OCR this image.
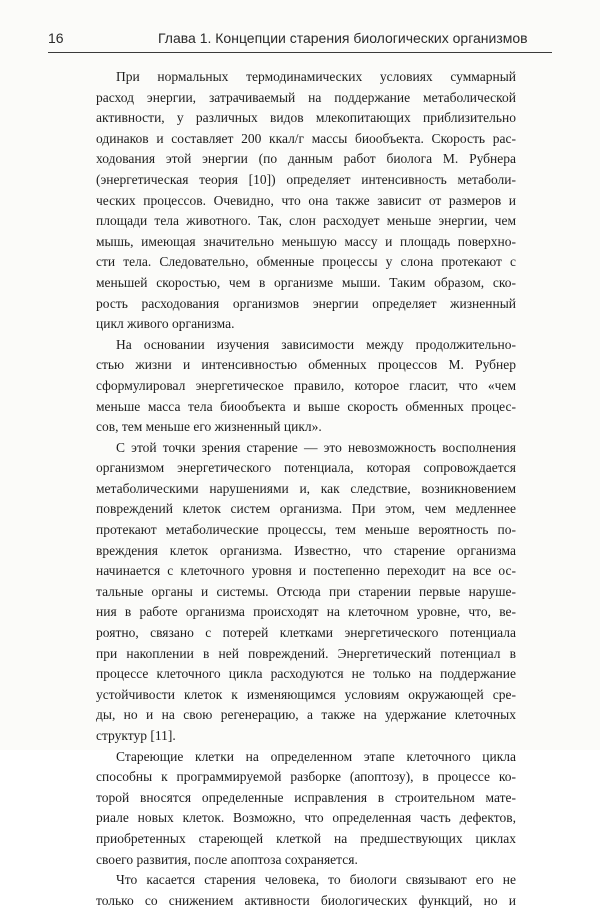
16	Глава 1. Концепции старения биологических организмов
При нормальных термодинамических условиях суммарный
расход энергии, затрачиваемый на поддержание метаболической
активности, у различных видов млекопитающих приблизительно
одинаков и составляет 200 ккал/г массы биообъекта. Скорость рас-
ходования этой энергии (по данным работ биолога М. Рубнера
(энергетическая теория [10]) определяет интенсивность метаболи-
ческих процессов. Очевидно, что она также зависит от размеров и
площади тела животного. Так, слон расходует меньше энергии, чем
мышь, имеющая значительно меньшую массу и площадь поверхно-
сти тела. Следовательно, обменные процессы у слона протекают с
меньшей скоростью, чем в организме мыши. Таким образом, ско-
рость расходования организмов энергии определяет жизненный
цикл живого организма.
На основании изучения зависимости между продолжительно-
стью жизни и интенсивностью обменных процессов М. Рубнер
сформулировал энергетическое правило, которое гласит, что «чем
меньше масса тела биообъекта и выше скорость обменных процес-
сов, тем меньше его жизненный цикл».
С этой точки зрения старение — это невозможность восполнения
организмом энергетического потенциала, которая сопровождается
метаболическими нарушениями и, как следствие, возникновением
повреждений клеток систем организма. При этом, чем медленнее
протекают метаболические процессы, тем меньше вероятность по-
вреждения клеток организма. Известно, что старение организма
начинается с клеточного уровня и постепенно переходит на все ос-
тальные органы и системы. Отсюда при старении первые наруше-
ния в работе организма происходят на клеточном уровне, что, ве-
роятно, связано с потерей клетками энергетического потенциала
при накоплении в ней повреждений. Энергетический потенциал в
процессе клеточного цикла расходуются не только на поддержание
устойчивости клеток к изменяющимся условиям окружающей сре-
ды, но и на свою регенерацию, а также на удержание клеточных
структур [11].
Стареющие клетки на определенном этапе клеточного цикла
способны к программируемой разборке (апоптозу), в процессе ко-
торой вносятся определенные исправления в строительном мате-
риале новых клеток. Возможно, что определенная часть дефектов,
приобретенных стареющей клеткой на предшествующих циклах
своего развития, после апоптоза сохраняется.
Что касается старения человека, то биологи связывают его не
только со снижением активности биологических функций, но и
